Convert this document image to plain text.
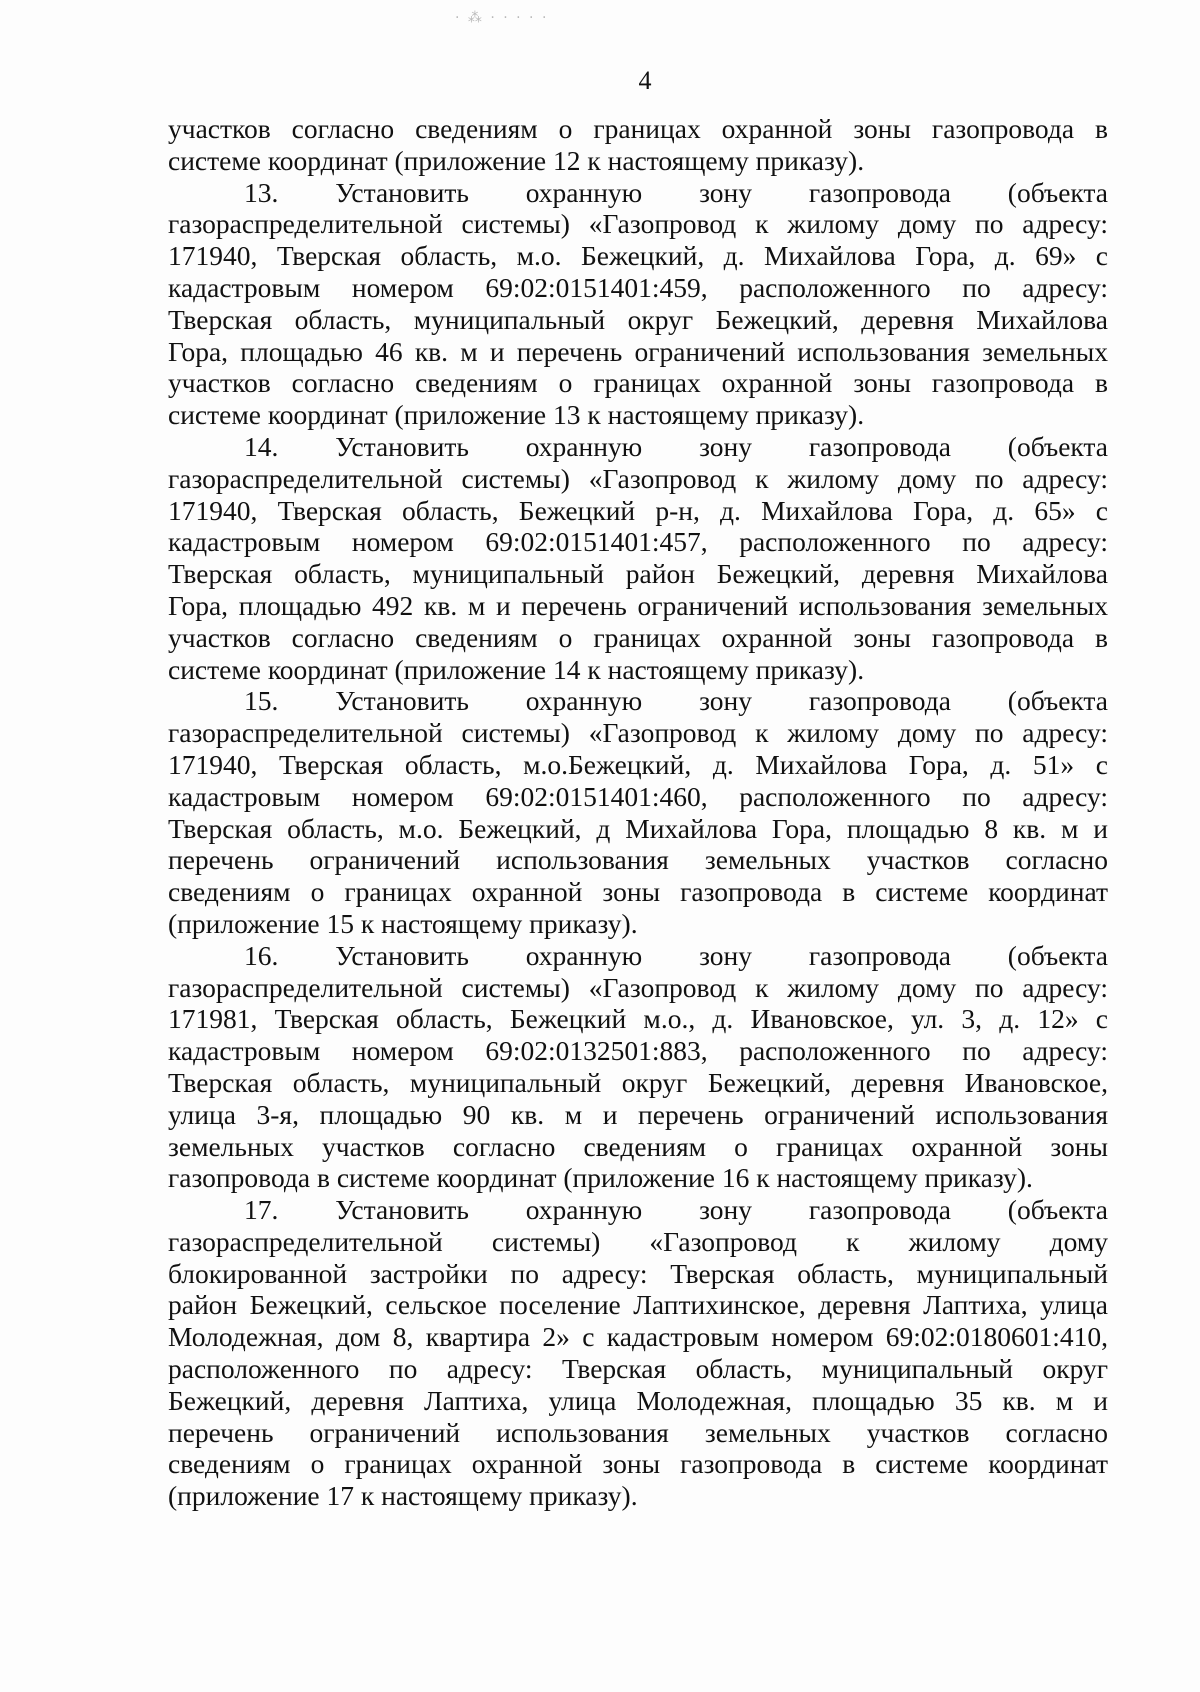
· ⁂ · · · · ·
4
участков согласно сведениям о границах охранной зоны газопровода в
системе координат (приложение 12 к настоящему приказу).
13. Установить охранную зону газопровода (объекта
газораспределительной системы) «Газопровод к жилому дому по адресу:
171940, Тверская область, м.о. Бежецкий, д. Михайлова Гора, д. 69» с
кадастровым номером 69:02:0151401:459, расположенного по адресу:
Тверская область, муниципальный округ Бежецкий, деревня Михайлова
Гора, площадью 46 кв. м и перечень ограничений использования земельных
участков согласно сведениям о границах охранной зоны газопровода в
системе координат (приложение 13 к настоящему приказу).
14. Установить охранную зону газопровода (объекта
газораспределительной системы) «Газопровод к жилому дому по адресу:
171940, Тверская область, Бежецкий р-н, д. Михайлова Гора, д. 65» с
кадастровым номером 69:02:0151401:457, расположенного по адресу:
Тверская область, муниципальный район Бежецкий, деревня Михайлова
Гора, площадью 492 кв. м и перечень ограничений использования земельных
участков согласно сведениям о границах охранной зоны газопровода в
системе координат (приложение 14 к настоящему приказу).
15. Установить охранную зону газопровода (объекта
газораспределительной системы) «Газопровод к жилому дому по адресу:
171940, Тверская область, м.о.Бежецкий, д. Михайлова Гора, д. 51» с
кадастровым номером 69:02:0151401:460, расположенного по адресу:
Тверская область, м.о. Бежецкий, д Михайлова Гора, площадью 8 кв. м и
перечень ограничений использования земельных участков согласно
сведениям о границах охранной зоны газопровода в системе координат
(приложение 15 к настоящему приказу).
16. Установить охранную зону газопровода (объекта
газораспределительной системы) «Газопровод к жилому дому по адресу:
171981, Тверская область, Бежецкий м.о., д. Ивановское, ул. 3, д. 12» с
кадастровым номером 69:02:0132501:883, расположенного по адресу:
Тверская область, муниципальный округ Бежецкий, деревня Ивановское,
улица 3-я, площадью 90 кв. м и перечень ограничений использования
земельных участков согласно сведениям о границах охранной зоны
газопровода в системе координат (приложение 16 к настоящему приказу).
17. Установить охранную зону газопровода (объекта
газораспределительной системы) «Газопровод к жилому дому
блокированной застройки по адресу: Тверская область, муниципальный
район Бежецкий, сельское поселение Лаптихинское, деревня Лаптиха, улица
Молодежная, дом 8, квартира 2» с кадастровым номером 69:02:0180601:410,
расположенного по адресу: Тверская область, муниципальный округ
Бежецкий, деревня Лаптиха, улица Молодежная, площадью 35 кв. м и
перечень ограничений использования земельных участков согласно
сведениям о границах охранной зоны газопровода в системе координат
(приложение 17 к настоящему приказу).
